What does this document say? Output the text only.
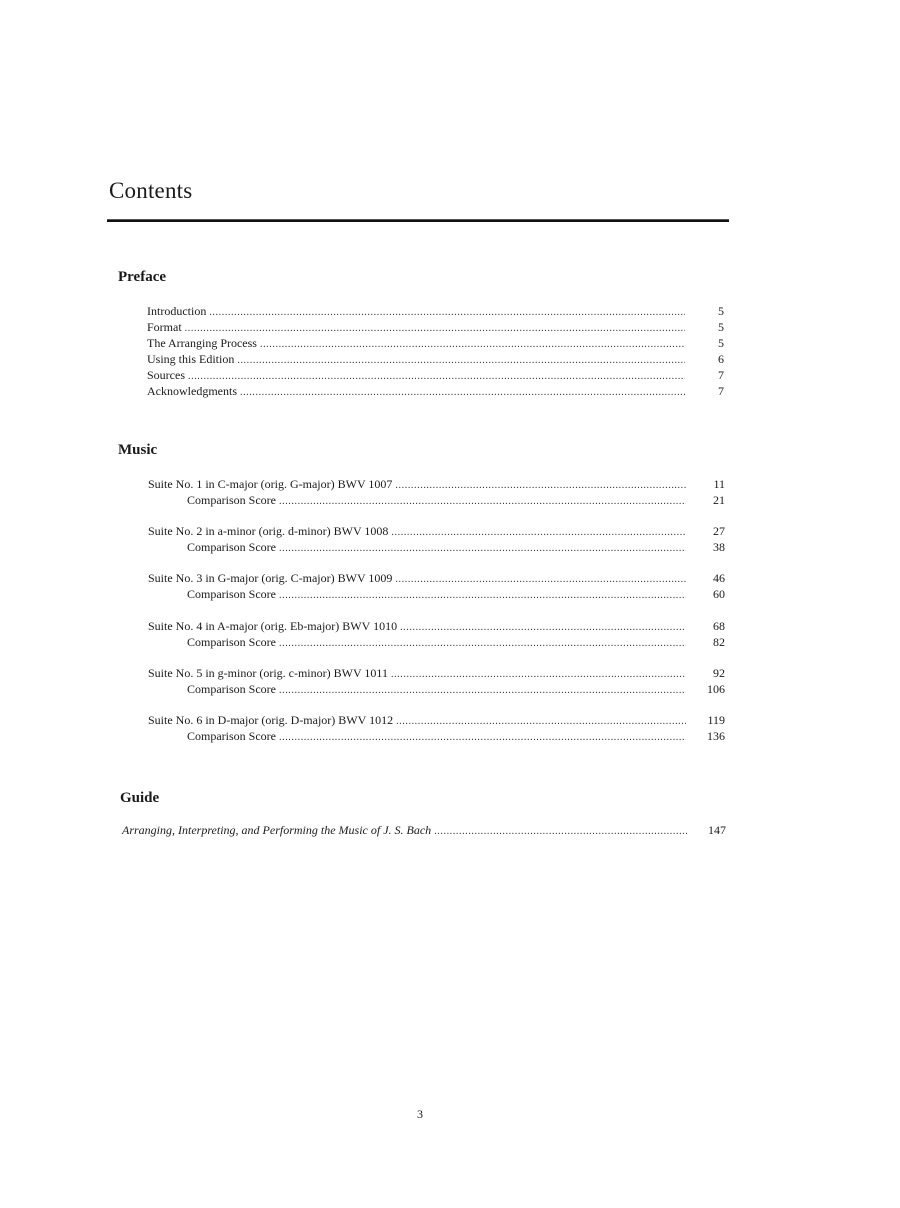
Contents
Preface
Introduction .....	5
Format .....	5
The Arranging Process .....	5
Using this Edition .....	6
Sources .....	7
Acknowledgments .....	7
Music
Suite No. 1 in C-major (orig. G-major) BWV 1007 .....	11
Comparison Score .....	21
Suite No. 2 in a-minor (orig. d-minor) BWV 1008 .....	27
Comparison Score .....	38
Suite No. 3 in G-major (orig. C-major) BWV 1009 .....	46
Comparison Score .....	60
Suite No. 4 in A-major (orig. Eb-major) BWV 1010 .....	68
Comparison Score .....	82
Suite No. 5 in g-minor (orig. c-minor) BWV 1011 .....	92
Comparison Score .....	106
Suite No. 6 in D-major (orig. D-major) BWV 1012 .....	119
Comparison Score .....	136
Guide
Arranging, Interpreting, and Performing the Music of J. S. Bach .....	147
3
